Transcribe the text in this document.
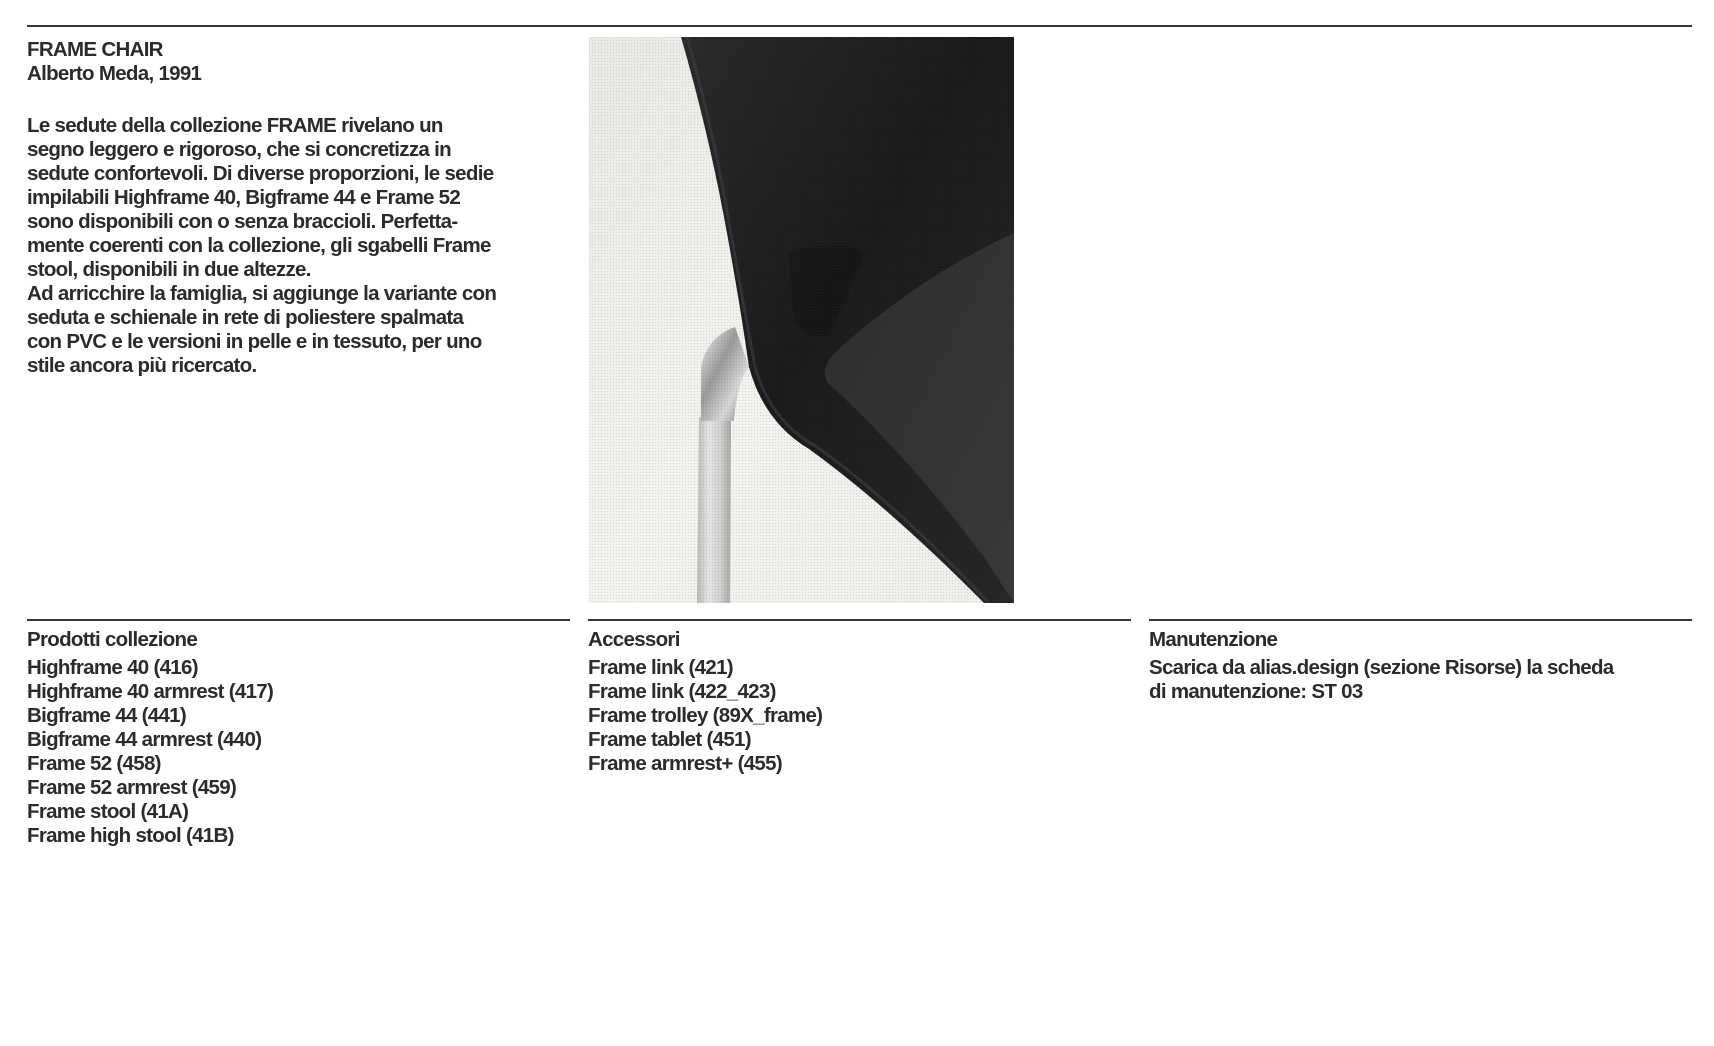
FRAME CHAIR
Alberto Meda, 1991
Le sedute della collezione FRAME rivelano un
segno leggero e rigoroso, che si concretizza in
sedute confortevoli. Di diverse proporzioni, le sedie
impilabili Highframe 40, Bigframe 44 e Frame 52
sono disponibili con o senza braccioli. Perfetta-
mente coerenti con la collezione, gli sgabelli Frame
stool, disponibili in due altezze.
Ad arricchire la famiglia, si aggiunge la variante con
seduta e schienale in rete di poliestere spalmata
con PVC e le versioni in pelle e in tessuto, per uno
stile ancora più ricercato.
Prodotti collezione
Highframe 40 (416)
Highframe 40 armrest (417)
Bigframe 44 (441)
Bigframe 44 armrest (440)
Frame 52 (458)
Frame 52 armrest (459)
Frame stool (41A)
Frame high stool (41B)
Accessori
Frame link (421)
Frame link (422_423)
Frame trolley (89X_frame)
Frame tablet (451)
Frame armrest+ (455)
Manutenzione
Scarica da alias.design (sezione Risorse) la scheda
di manutenzione: ST 03
